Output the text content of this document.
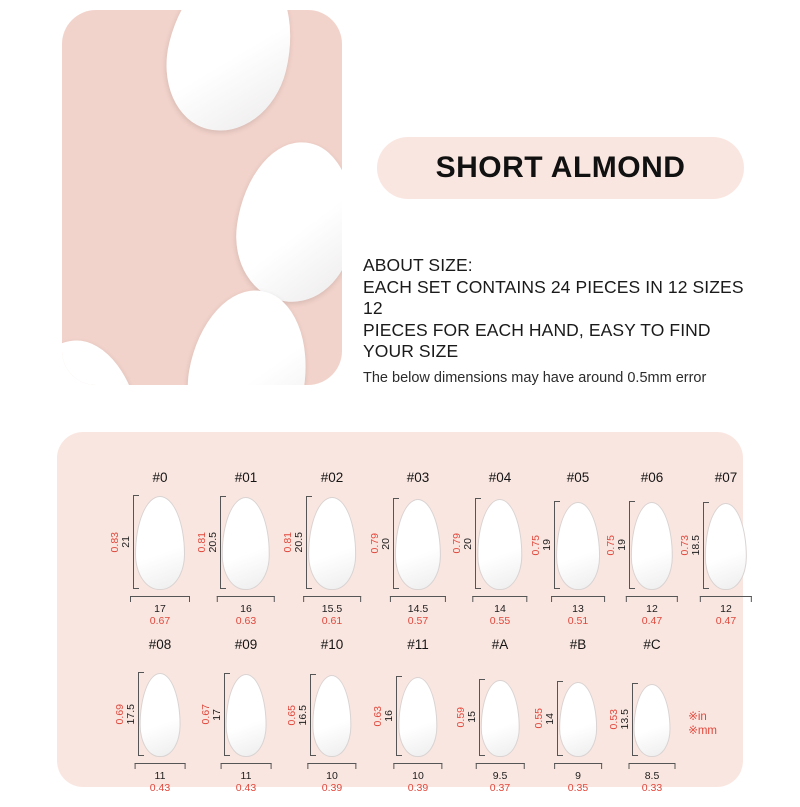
SHORT ALMOND
ABOUT SIZE:
EACH SET CONTAINS 24 PIECES IN 12 SIZES 12
PIECES FOR EACH HAND, EASY TO FIND YOUR SIZE
The below dimensions may have around 0.5mm error
#0
0.83 21
17
0.67
#01
0.81 20.5
16
0.63
#02
0.81 20.5
15.5
0.61
#03
0.79 20
14.5
0.57
#04
0.79 20
14
0.55
#05
0.75 19
13
0.51
#06
0.75 19
12
0.47
#07
0.73 18.5
12
0.47
#08
0.69 17.5
11
0.43
#09
0.67 17
11
0.43
#10
0.65 16.5
10
0.39
#11
0.63 16
10
0.39
#A
0.59 15
9.5
0.37
#B
0.55 14
9
0.35
#C
0.53 13.5
8.5
0.33
※in
※mm
